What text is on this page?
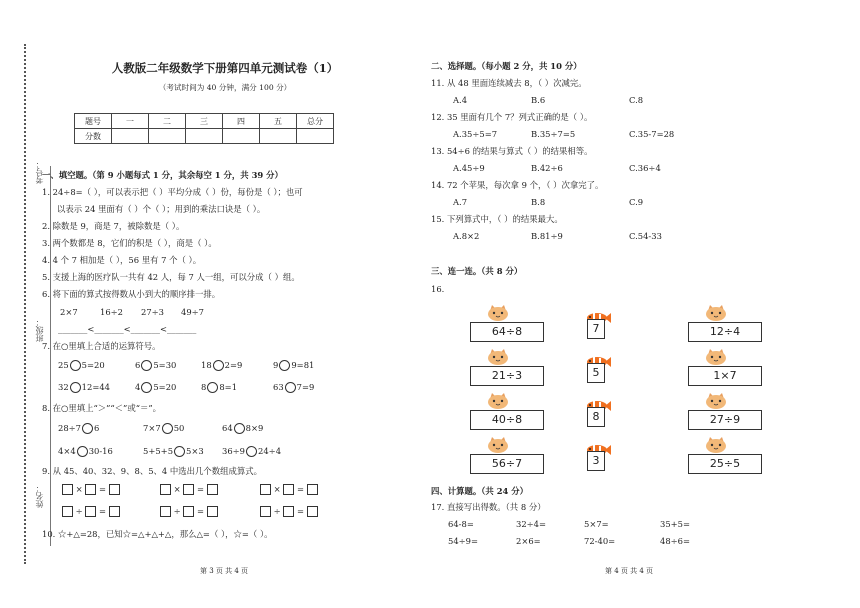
考号：
班级：
姓名：
人教版二年级数学下册第四单元测试卷（1）
（考试时间为 40 分钟，满分 100 分）
题号	一	二	三	四	五	总分
分数						
一、填空题。（第 9 小题每式 1 分，其余每空 1 分，共 39 分）
1. 24÷8=（ ），可以表示把（ ）平均分成（ ）份，每份是（ ）；也可
以表示 24 里面有（ ）个（ ）；用到的乘法口诀是（ ）。
2. 除数是 9，商是 7，被除数是（ ）。
3. 两个数都是 8，它们的积是（ ），商是（ ）。
4. 4 个 7 相加是（ ），56 里有 7 个（ ）。
5. 支援上海的医疗队一共有 42 人，每 7 人一组，可以分成（ ）组。
6. 将下面的算式按得数从小到大的顺序排一排。
2×7	16÷2 27÷3 49÷7
_______<_______<_______<_______
7. 在○里填上合适的运算符号。
25 5=20	6 5=30	18 2=9	9 9=81
32 12=44	4 5=20	8 8=1	63 7=9
8. 在○里填上“＞”“＜”或“＝”。
28÷7 6	7×7 50	64 8×9
4×4 30-16	5+5+5 5×3 36÷9 24÷4
9. 从 45、40、32、9、8、5、4 中选出几个数组成算式。
× =	× =	× =
÷ =	÷ =	÷ =
10. ☆+△=28，已知☆=△+△+△，那么△=（ ），☆=（ ）。
第 3 页 共 4 页
二、选择题。（每小题 2 分，共 10 分）
11. 从 48 里面连续减去 8，（ ）次减完。
A.4	B.6	C.8
12. 35 里面有几个 7？列式正确的是（ ）。
A.35÷5=7	B.35÷7=5	C.35-7=28
13. 54÷6 的结果与算式（ ）的结果相等。
A.45÷9	B.42÷6	C.36÷4
14. 72 个苹果，每次拿 9 个，（ ）次拿完了。
A.7	B.8	C.9
15. 下列算式中，（ ）的结果最大。
A.8×2	B.81÷9	C.54-33
三、连一连。（共 8 分）
16.
64÷8	7	12÷4
21÷3	5	1×7
40÷8	8	27÷9
56÷7	3	25÷5
四、计算题。（共 24 分）
17. 直接写出得数。（共 8 分）
64-8=	32÷4=	5×7=	35+5=
54÷9=	2×6=	72-40=	48÷6=
第 4 页 共 4 页
